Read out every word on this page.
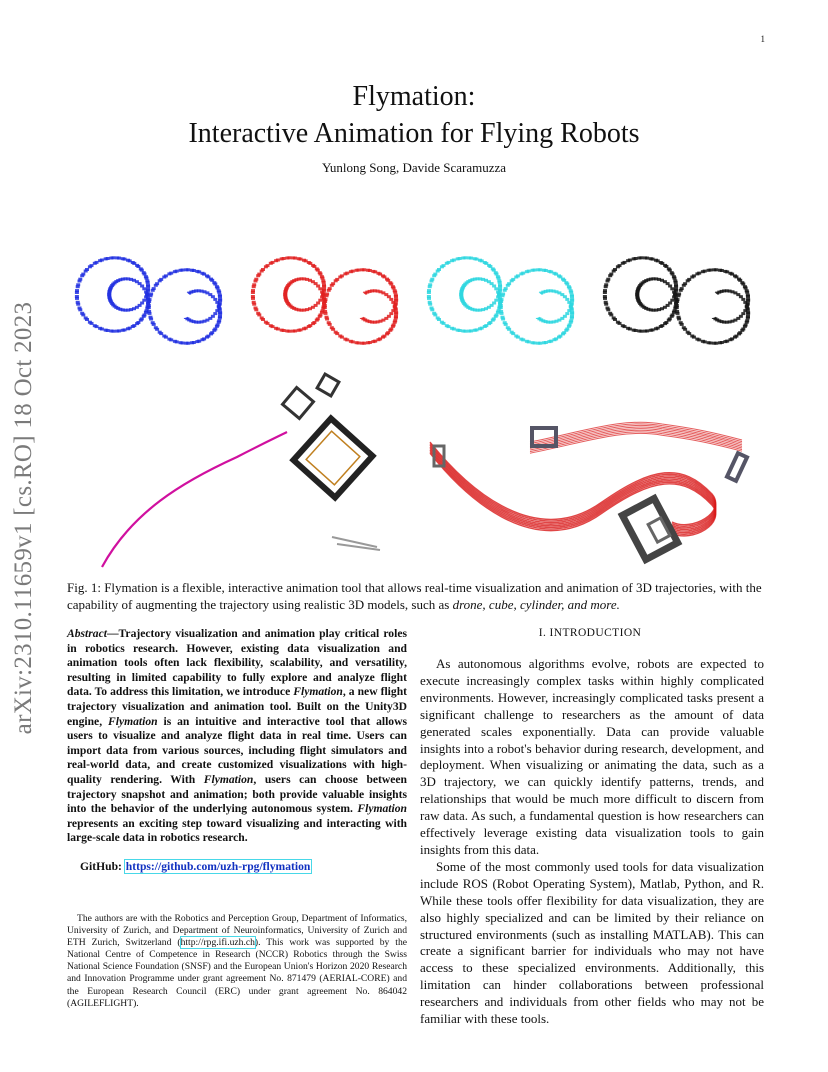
1
arXiv:2310.11659v1 [cs.RO] 18 Oct 2023
Flymation:
Interactive Animation for Flying Robots
Yunlong Song, Davide Scaramuzza
Fig. 1: Flymation is a flexible, interactive animation tool that allows real-time visualization and animation of 3D trajectories, with the capability of augmenting the trajectory using realistic 3D models, such as drone, cube, cylinder, and more.
Abstract—Trajectory visualization and animation play critical roles in robotics research. However, existing data visualization and animation tools often lack flexibility, scalability, and versatility, resulting in limited capability to fully explore and analyze flight data. To address this limitation, we introduce Flymation, a new flight trajectory visualization and animation tool. Built on the Unity3D engine, Flymation is an intuitive and interactive tool that allows users to visualize and analyze flight data in real time. Users can import data from various sources, including flight simulators and real-world data, and create customized visualizations with high-quality rendering. With Flymation, users can choose between trajectory snapshot and animation; both provide valuable insights into the behavior of the underlying autonomous system. Flymation represents an exciting step toward visualizing and interacting with large-scale data in robotics research.
GitHub: https://github.com/uzh-rpg/flymation
The authors are with the Robotics and Perception Group, Department of Informatics, University of Zurich, and Department of Neuroinformatics, University of Zurich and ETH Zurich, Switzerland (http://rpg.ifi.uzh.ch). This work was supported by the National Centre of Competence in Research (NCCR) Robotics through the Swiss National Science Foundation (SNSF) and the European Union's Horizon 2020 Research and Innovation Programme under grant agreement No. 871479 (AERIAL-CORE) and the European Research Council (ERC) under grant agreement No. 864042 (AGILEFLIGHT).
I. INTRODUCTION

As autonomous algorithms evolve, robots are expected to execute increasingly complex tasks within highly complicated environments. However, increasingly complicated tasks present a significant challenge to researchers as the amount of data generated scales exponentially. Data can provide valuable insights into a robot's behavior during research, development, and deployment. When visualizing or animating the data, such as a 3D trajectory, we can quickly identify patterns, trends, and relationships that would be much more difficult to discern from raw data. As such, a fundamental question is how researchers can effectively leverage existing data visualization tools to gain insights from this data.

Some of the most commonly used tools for data visualization include ROS (Robot Operating System), Matlab, Python, and R. While these tools offer flexibility for data visualization, they are also highly specialized and can be limited by their reliance on structured environments (such as installing MATLAB). This can create a significant barrier for individuals who may not have access to these specialized environments. Additionally, this limitation can hinder collaborations between professional researchers and individuals from other fields who may not be familiar with these tools.
